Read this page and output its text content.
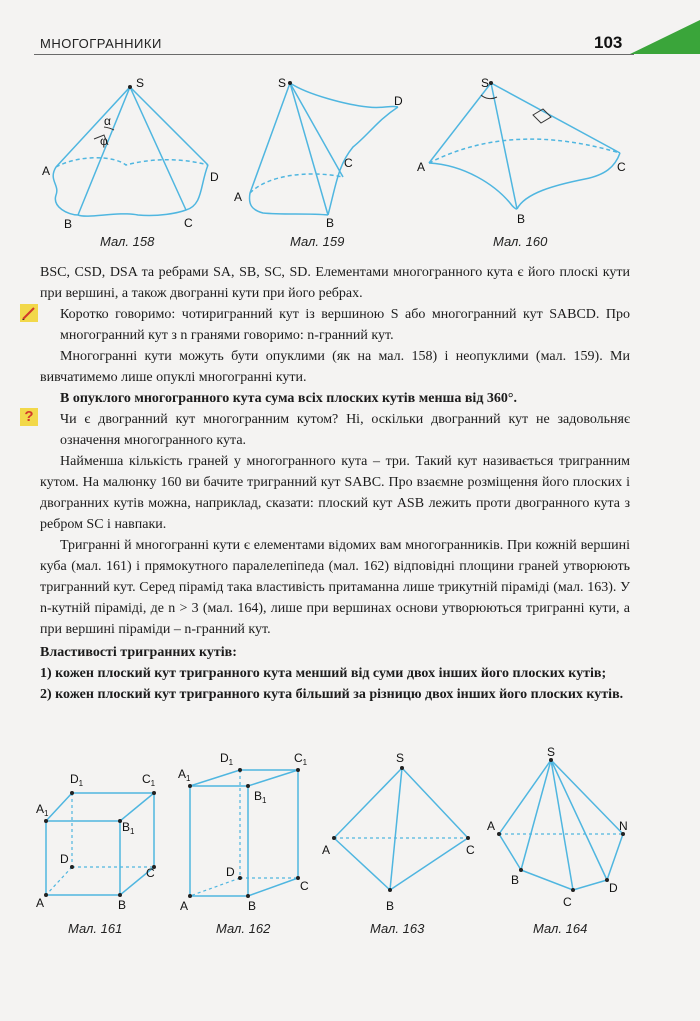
МНОГОГРАННИКИ	103
S
α
φ
A
B	C
D
Мал. 158
S
D
C
A
B
Мал. 159
S
A	C
B
Мал. 160

BSC, CSD, DSA та ребрами SA, SB, SC, SD. Елементами многогранного кута є його плоскі кути при вершині, а також двогранні кути при його ребрах.

Коротко говоримо: чотиригранний кут із вершиною S або многогранний кут SABCD. Про многогранний кут з n гранями говоримо: n-гранний кут.

Многогранні кути можуть бути опуклими (як на мал. 158) і неопуклими (мал. 159). Ми вивчатимемо лише опуклі многогранні кути.

В опуклого многогранного кута сума всіх плоских кутів менша від 360°.

Чи є двогранний кут многогранним кутом? Ні, оскільки двогранний кут не задовольняє означення многогранного кута.

Найменша кількість граней у многогранного кута – три. Такий кут називається тригранним кутом. На малюнку 160 ви бачите тригранний кут SABC. Про взаємне розміщення його плоских і двогранних кутів можна, наприклад, сказати: плоский кут ASB лежить проти двогранного кута з ребром SC і навпаки.

Тригранні й многогранні кути є елементами відомих вам многогранників. При кожній вершині куба (мал. 161) і прямокутного паралелепіпеда (мал. 162) відповідні площини граней утворюють тригранний кут. Серед пірамід така властивість притаманна лише трикутній піраміді (мал. 163). У n-кутній піраміді, де n > 3 (мал. 164), лише при вершинах основи утворюються тригранні кути, а при вершині піраміди – n-гранний кут.

Властивості тригранних кутів:

1) кожен плоский кут тригранного кута менший від суми двох інших його плоских кутів;

2) кожен плоский кут тригранного кута більший за різницю двох інших його плоских кутів.

?
$D_1$	$C_1$
$A_1$
$B_1$
D
C
A	B
Мал. 161
$D_1$	$C_1$
$A_1$
$B_1$
D
C
A	B
Мал. 162
S
A	C
B
Мал. 163
S
A	N
B
C
D
Мал. 164
